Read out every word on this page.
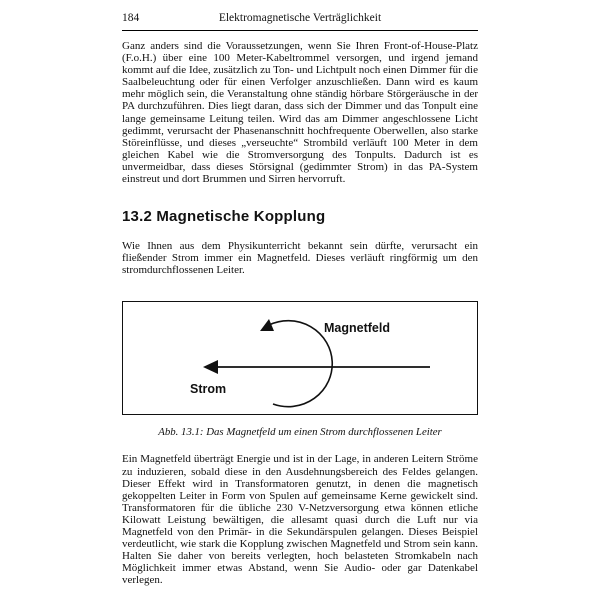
184	Elektromagnetische Verträglichkeit

Ganz anders sind die Voraussetzungen, wenn Sie Ihren Front-of-House-Platz (F.o.H.) über eine 100 Meter-Kabeltrommel versorgen, und irgend jemand kommt auf die Idee, zusätzlich zu Ton- und Lichtpult noch einen Dimmer für die Saalbeleuchtung oder für einen Verfolger anzuschließen. Dann wird es kaum mehr möglich sein, die Veranstaltung ohne ständig hörbare Störgeräusche in der PA durchzuführen. Dies liegt daran, dass sich der Dimmer und das Tonpult eine lange gemeinsame Leitung teilen. Wird das am Dimmer angeschlossene Licht gedimmt, verursacht der Phasenanschnitt hochfrequente Oberwellen, also starke Störeinflüsse, und dieses „verseuchte“ Strombild verläuft 100 Meter in dem gleichen Kabel wie die Stromversorgung des Tonpults. Dadurch ist es unvermeidbar, dass dieses Störsignal (gedimmter Strom) in das PA-System einstreut und dort Brummen und Sirren hervorruft.

13.2 Magnetische Kopplung

Wie Ihnen aus dem Physikunterricht bekannt sein dürfte, verursacht ein fließender Strom immer ein Magnetfeld. Dieses verläuft ringförmig um den stromdurchflossenen Leiter.

Magnetfeld
Strom

Abb. 13.1: Das Magnetfeld um einen Strom durchflossenen Leiter

Ein Magnetfeld überträgt Energie und ist in der Lage, in anderen Leitern Ströme zu induzieren, sobald diese in den Ausdehnungsbereich des Feldes gelangen. Dieser Effekt wird in Transformatoren genutzt, in denen die magnetisch gekoppelten Leiter in Form von Spulen auf gemeinsame Kerne gewickelt sind. Transformatoren für die übliche 230 V-Netzversorgung etwa können etliche Kilowatt Leistung bewältigen, die allesamt quasi durch die Luft nur via Magnetfeld von den Primär- in die Sekundärspulen gelangen. Dieses Beispiel verdeutlicht, wie stark die Kopplung zwischen Magnetfeld und Strom sein kann. Halten Sie daher von bereits verlegten, hoch belasteten Stromkabeln nach Möglichkeit immer etwas Abstand, wenn Sie Audio- oder gar Datenkabel verlegen.
